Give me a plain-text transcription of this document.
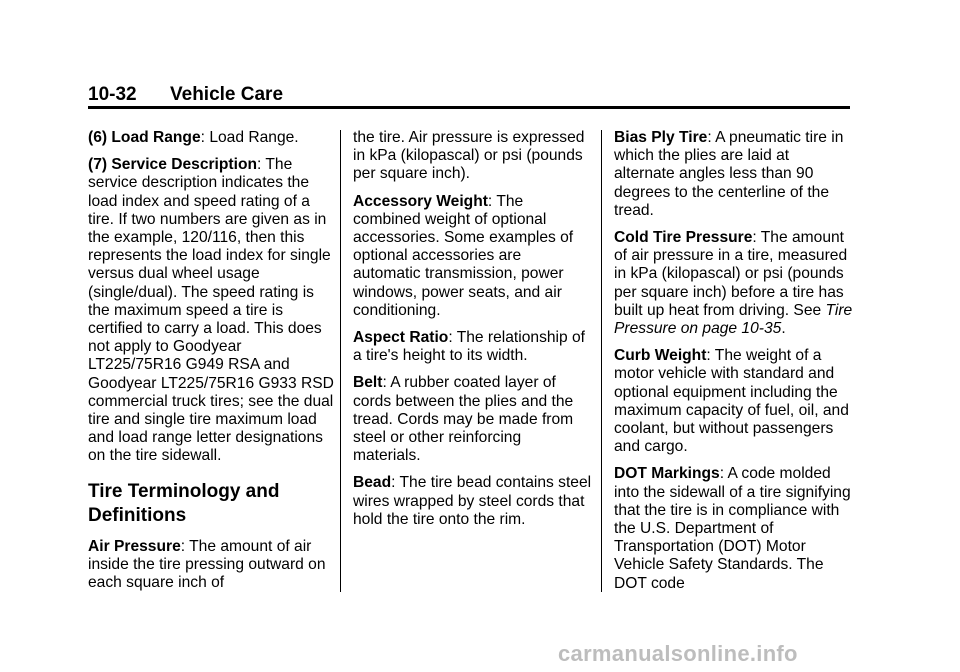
10-32 Vehicle Care
(6) Load Range: Load Range.
(7) Service Description: The service description indicates the load index and speed rating of a tire. If two numbers are given as in the example, 120/116, then this represents the load index for single versus dual wheel usage (single/dual). The speed rating is the maximum speed a tire is certified to carry a load. This does not apply to Goodyear LT225/75R16 G949 RSA and Goodyear LT225/75R16 G933 RSD commercial truck tires; see the dual tire and single tire maximum load and load range letter designations on the tire sidewall.
Tire Terminology and Definitions
Air Pressure: The amount of air inside the tire pressing outward on each square inch of
the tire. Air pressure is expressed in kPa (kilopascal) or psi (pounds per square inch).
Accessory Weight: The combined weight of optional accessories. Some examples of optional accessories are automatic transmission, power windows, power seats, and air conditioning.
Aspect Ratio: The relationship of a tire's height to its width.
Belt: A rubber coated layer of cords between the plies and the tread. Cords may be made from steel or other reinforcing materials.
Bead: The tire bead contains steel wires wrapped by steel cords that hold the tire onto the rim.
Bias Ply Tire: A pneumatic tire in which the plies are laid at alternate angles less than 90 degrees to the centerline of the tread.
Cold Tire Pressure: The amount of air pressure in a tire, measured in kPa (kilopascal) or psi (pounds per square inch) before a tire has built up heat from driving. See Tire Pressure on page 10-35.
Curb Weight: The weight of a motor vehicle with standard and optional equipment including the maximum capacity of fuel, oil, and coolant, but without passengers and cargo.
DOT Markings: A code molded into the sidewall of a tire signifying that the tire is in compliance with the U.S. Department of Transportation (DOT) Motor Vehicle Safety Standards. The DOT code
carmanualsonline.info
